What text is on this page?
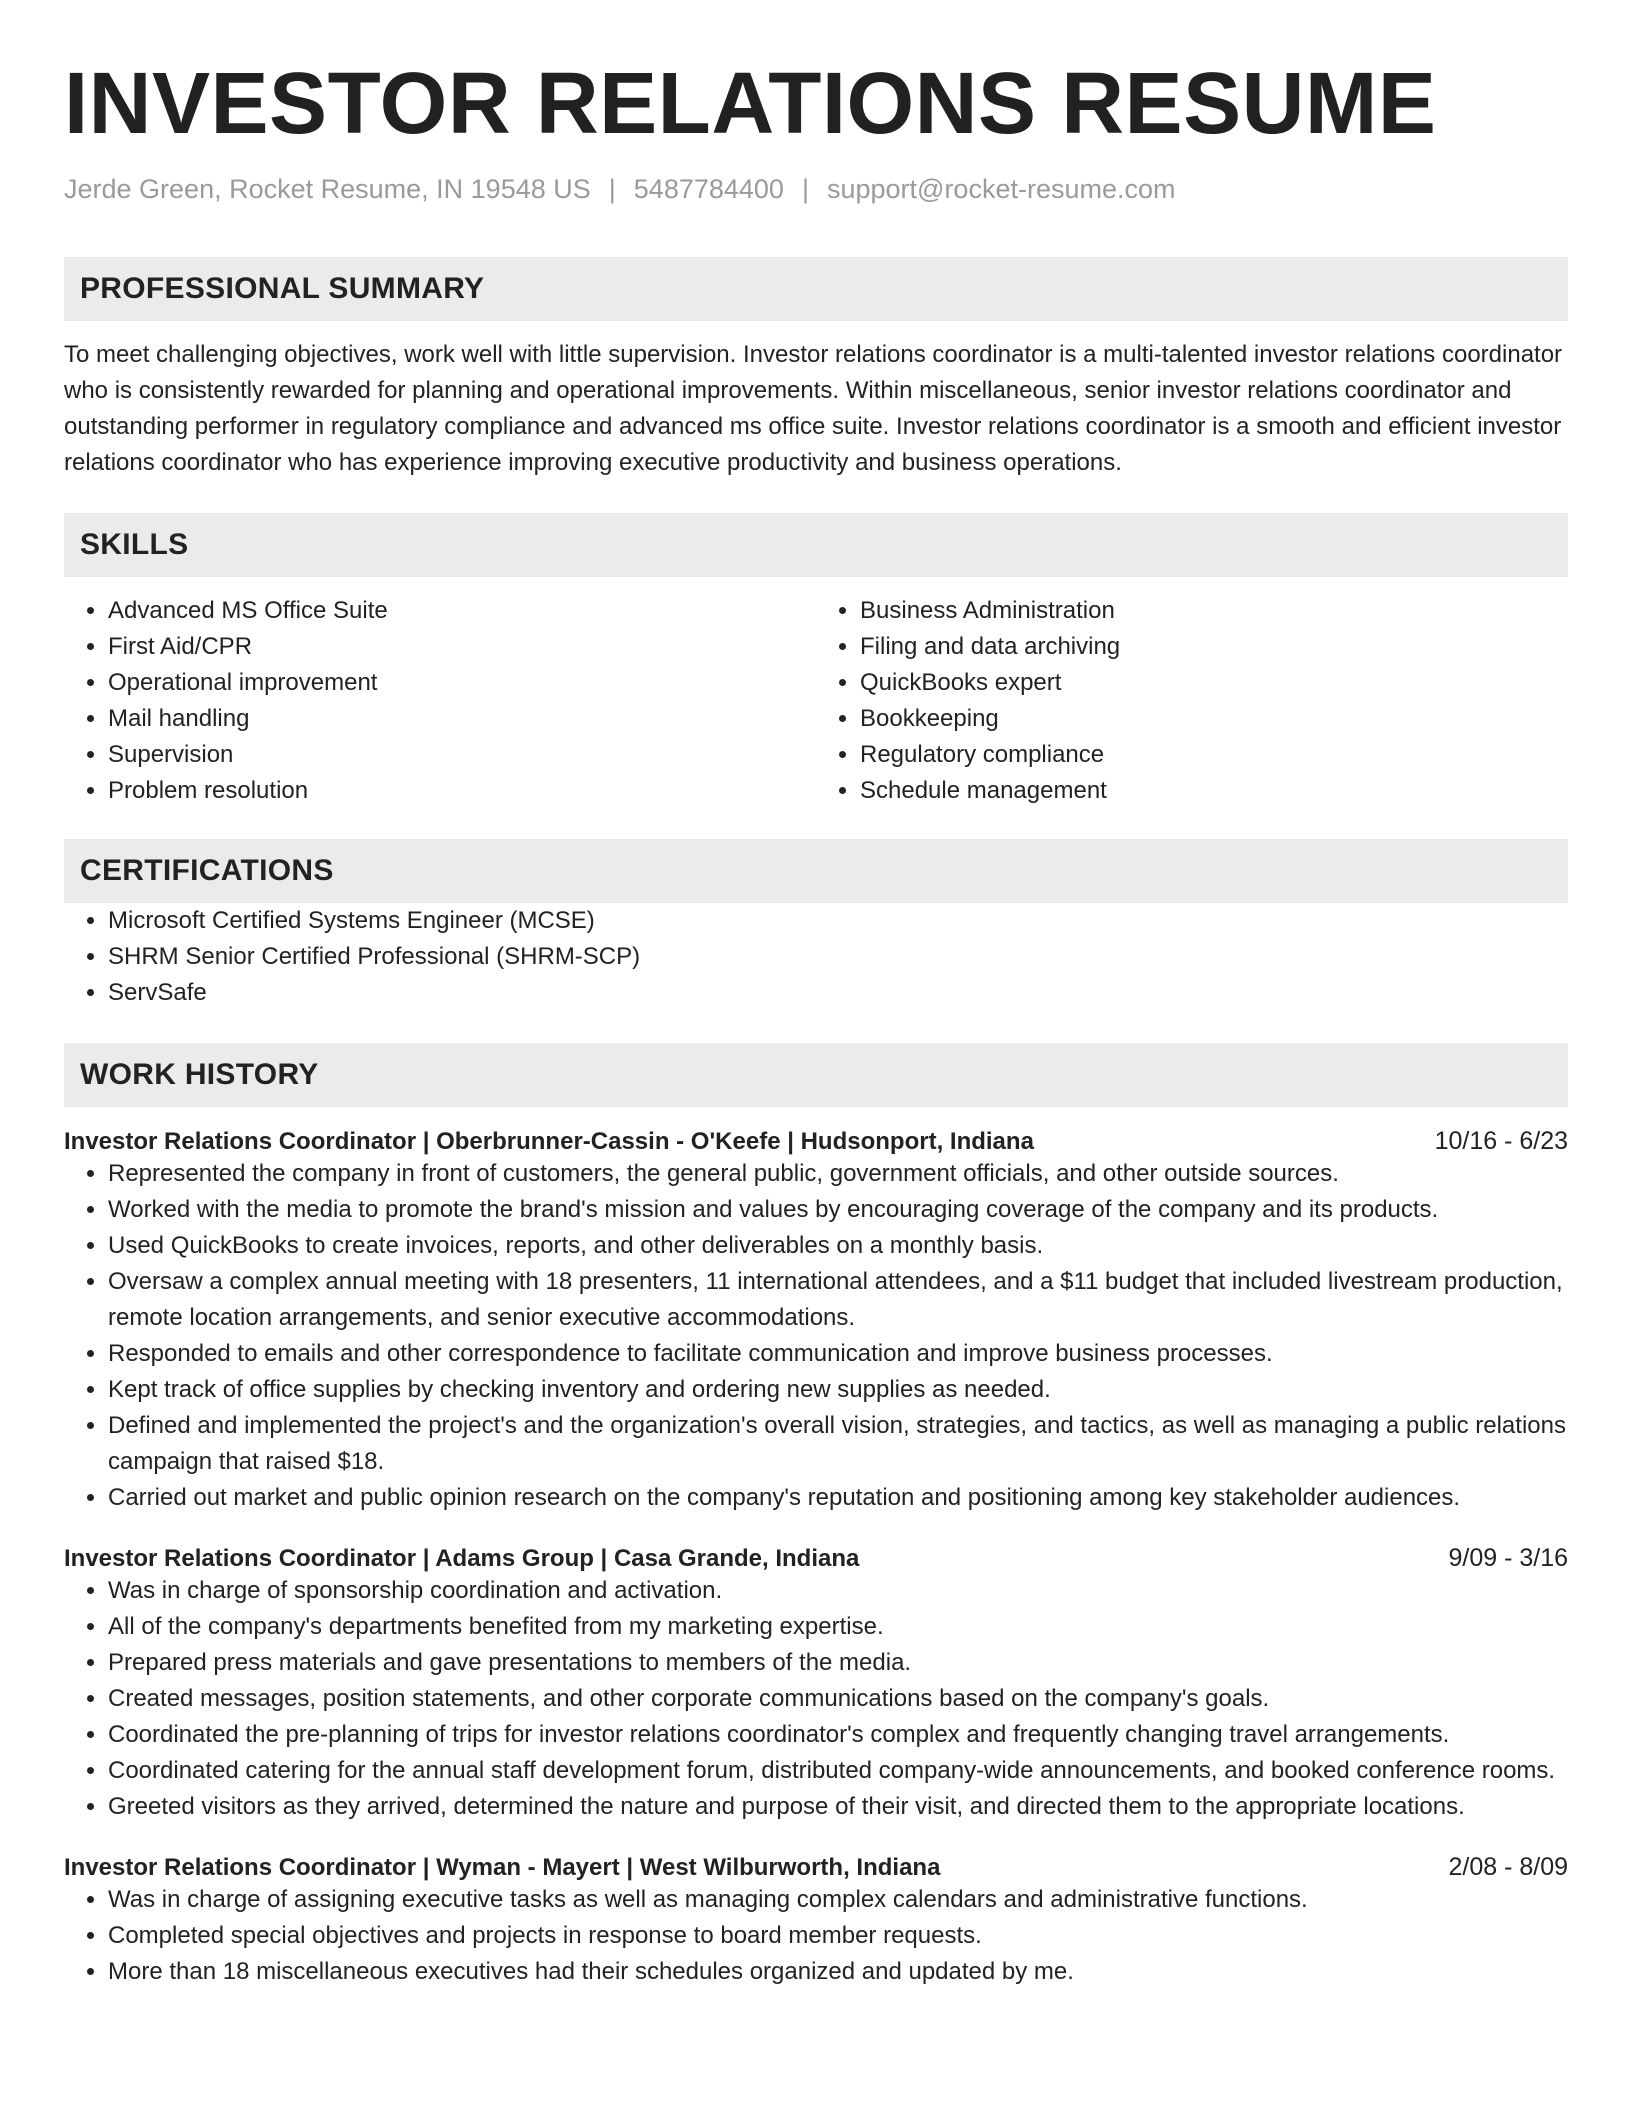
INVESTOR RELATIONS RESUME
Jerde Green, Rocket Resume, IN 19548 US | 5487784400 | support@rocket-resume.com
PROFESSIONAL SUMMARY

To meet challenging objectives, work well with little supervision. Investor relations coordinator is a multi-talented investor relations coordinator who is consistently rewarded for planning and operational improvements. Within miscellaneous, senior investor relations coordinator and outstanding performer in regulatory compliance and advanced ms office suite. Investor relations coordinator is a smooth and efficient investor relations coordinator who has experience improving executive productivity and business operations.

SKILLS
• Advanced MS Office Suite
• First Aid/CPR
• Operational improvement
• Mail handling
• Supervision
• Problem resolution
• Business Administration
• Filing and data archiving
• QuickBooks expert
• Bookkeeping
• Regulatory compliance
• Schedule management
CERTIFICATIONS
• Microsoft Certified Systems Engineer (MCSE)
• SHRM Senior Certified Professional (SHRM-SCP)
• ServSafe
WORK HISTORY
Investor Relations Coordinator | Oberbrunner-Cassin - O'Keefe | Hudsonport, Indiana	10/16 - 6/23
• Represented the company in front of customers, the general public, government officials, and other outside sources.
• Worked with the media to promote the brand's mission and values by encouraging coverage of the company and its products.
• Used QuickBooks to create invoices, reports, and other deliverables on a monthly basis.
• Oversaw a complex annual meeting with 18 presenters, 11 international attendees, and a $11 budget that included livestream production, remote location arrangements, and senior executive accommodations.
• Responded to emails and other correspondence to facilitate communication and improve business processes.
• Kept track of office supplies by checking inventory and ordering new supplies as needed.
• Defined and implemented the project's and the organization's overall vision, strategies, and tactics, as well as managing a public relations campaign that raised $18.
• Carried out market and public opinion research on the company's reputation and positioning among key stakeholder audiences.
Investor Relations Coordinator | Adams Group | Casa Grande, Indiana	9/09 - 3/16
• Was in charge of sponsorship coordination and activation.
• All of the company's departments benefited from my marketing expertise.
• Prepared press materials and gave presentations to members of the media.
• Created messages, position statements, and other corporate communications based on the company's goals.
• Coordinated the pre-planning of trips for investor relations coordinator's complex and frequently changing travel arrangements.
• Coordinated catering for the annual staff development forum, distributed company-wide announcements, and booked conference rooms.
• Greeted visitors as they arrived, determined the nature and purpose of their visit, and directed them to the appropriate locations.
Investor Relations Coordinator | Wyman - Mayert | West Wilburworth, Indiana	2/08 - 8/09
• Was in charge of assigning executive tasks as well as managing complex calendars and administrative functions.
• Completed special objectives and projects in response to board member requests.
• More than 18 miscellaneous executives had their schedules organized and updated by me.
